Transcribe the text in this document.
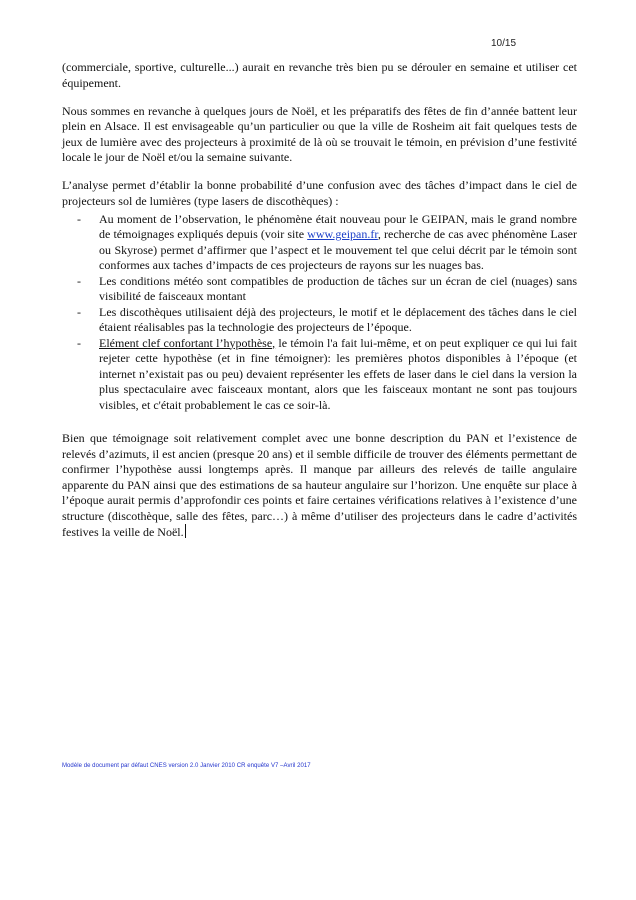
10/15

(commerciale, sportive, culturelle...) aurait en revanche très bien pu se dérouler en semaine et utiliser cet équipement.

Nous sommes en revanche à quelques jours de Noël, et les préparatifs des fêtes de fin d’année battent leur plein en Alsace. Il est envisageable qu’un particulier ou que la ville de Rosheim ait fait quelques tests de jeux de lumière avec des projecteurs à proximité de là où se trouvait le témoin, en prévision d’une festivité locale le jour de Noël et/ou la semaine suivante.

L’analyse permet d’établir la bonne probabilité d’une confusion avec des tâches d’impact dans le ciel de projecteurs sol de lumières (type lasers de discothèques) :

- Au moment de l’observation, le phénomène était nouveau pour le GEIPAN, mais le grand nombre de témoignages expliqués depuis (voir site www.geipan.fr, recherche de cas avec phénomène Laser ou Skyrose) permet d’affirmer que l’aspect et le mouvement tel que celui décrit par le témoin sont conformes aux taches d’impacts de ces projecteurs de rayons sur les nuages bas.
- Les conditions météo sont compatibles de production de tâches sur un écran de ciel (nuages) sans visibilité de faisceaux montant
- Les discothèques utilisaient déjà des projecteurs, le motif et le déplacement des tâches dans le ciel étaient réalisables pas la technologie des projecteurs de l’époque.
- Elément clef confortant l’hypothèse, le témoin l'a fait lui-même, et on peut expliquer ce qui lui fait rejeter cette hypothèse (et in fine témoigner): les premières photos disponibles à l’époque (et internet n’existait pas ou peu) devaient représenter les effets de laser dans le ciel dans la version la plus spectaculaire avec faisceaux montant, alors que les faisceaux montant ne sont pas toujours visibles, et c'était probablement le cas ce soir-là.

Bien que témoignage soit relativement complet avec une bonne description du PAN et l’existence de relevés d’azimuts, il est ancien (presque 20 ans) et il semble difficile de trouver des éléments permettant de confirmer l’hypothèse aussi longtemps après. Il manque par ailleurs des relevés de taille angulaire apparente du PAN ainsi que des estimations de sa hauteur angulaire sur l’horizon. Une enquête sur place à l’époque aurait permis d’approfondir ces points et faire certaines vérifications relatives à l’existence d’une structure (discothèque, salle des fêtes, parc…) à même d’utiliser des projecteurs dans le cadre d’activités festives la veille de Noël.

Modèle de document par défaut CNES version 2.0 Janvier 2010 CR enquête V7 –Avril 2017
